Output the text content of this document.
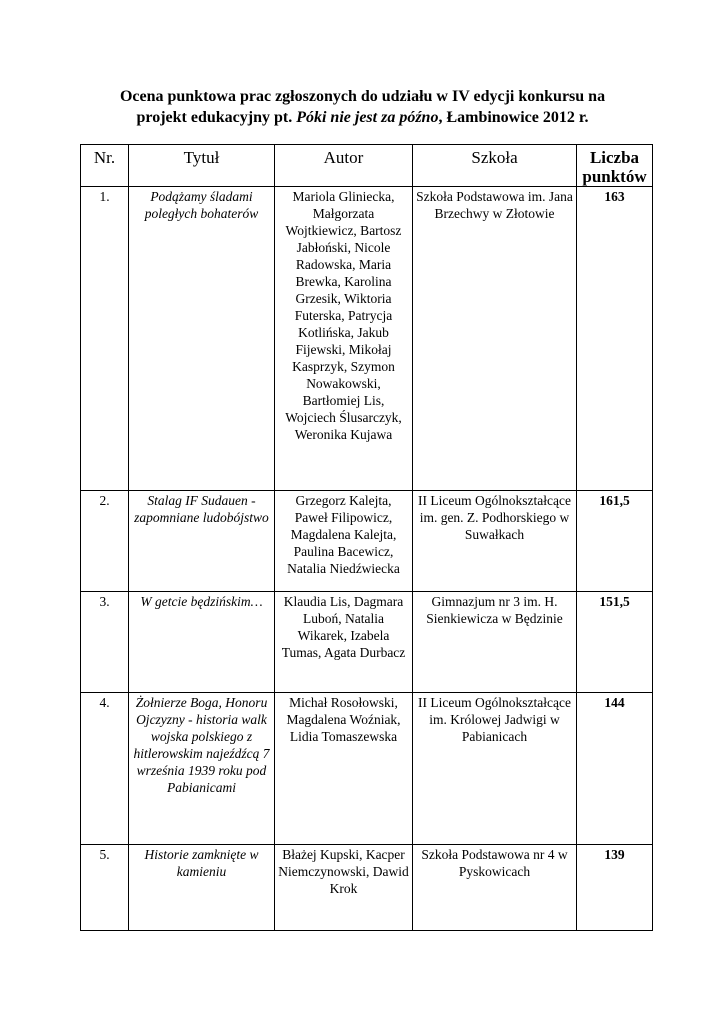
Ocena punktowa prac zgłoszonych do udziału w IV edycji konkursu na
projekt edukacyjny pt. Póki nie jest za późno, Łambinowice 2012 r.
Nr.	Tytuł	Autor	Szkoła	Liczba punktów
1.	Podążamy śladami poległych bohaterów	Mariola Gliniecka, Małgorzata Wojtkiewicz, Bartosz Jabłoński, Nicole Radowska, Maria Brewka, Karolina Grzesik, Wiktoria Futerska, Patrycja Kotlińska, Jakub Fijewski, Mikołaj Kasprzyk, Szymon Nowakowski, Bartłomiej Lis, Wojciech Ślusarczyk, Weronika Kujawa	Szkoła Podstawowa im. Jana Brzechwy w Złotowie	163
2.	Stalag IF Sudauen - zapomniane ludobójstwo	Grzegorz Kalejta, Paweł Filipowicz, Magdalena Kalejta, Paulina Bacewicz, Natalia Niedźwiecka	II Liceum Ogólnokształcące im. gen. Z. Podhorskiego w Suwałkach	161,5
3.	W getcie będzińskim…	Klaudia Lis, Dagmara Luboń, Natalia Wikarek, Izabela Tumas, Agata Durbacz	Gimnazjum nr 3 im. H. Sienkiewicza w Będzinie	151,5
4.	Żołnierze Boga, Honoru Ojczyzny - historia walk wojska polskiego z hitlerowskim najeźdźcą 7 września 1939 roku pod Pabianicami	Michał Rosołowski, Magdalena Woźniak, Lidia Tomaszewska	II Liceum Ogólnokształcące im. Królowej Jadwigi w Pabianicach	144
5.	Historie zamknięte w kamieniu	Błażej Kupski, Kacper Niemczynowski, Dawid Krok	Szkoła Podstawowa nr 4 w Pyskowicach	139
